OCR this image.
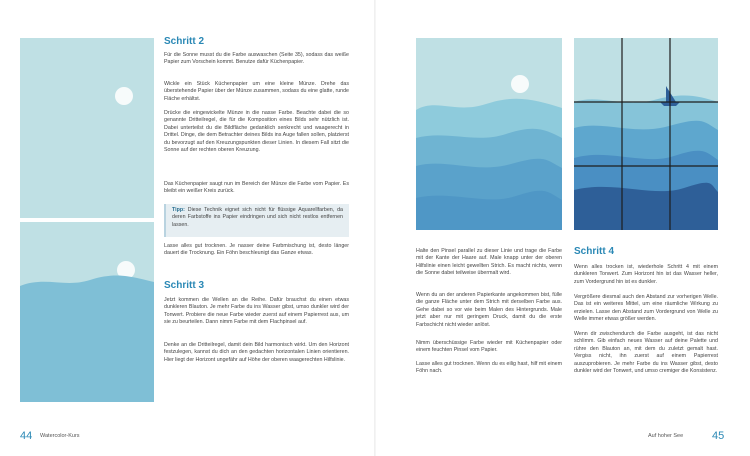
Schritt 2

Für die Sonne musst du die Farbe auswaschen (Seite 35), sodass das weiße Papier zum Vorschein kommt. Benutze dafür Küchenpapier.

Wickle ein Stück Küchenpapier um eine kleine Münze. Drehe das überstehende Papier über der Münze zusammen, sodass du eine glatte, runde Fläche erhältst.

Drücke die eingewickelte Münze in die nasse Farbe. Beachte dabei die so genannte Dritteilregel, die für die Komposition eines Bilds sehr nützlich ist. Dabei unterteilst du die Bildfläche gedanklich senkrecht und waagerecht in Drittel. Dinge, die dem Betrachter deines Bilds ins Auge fallen sollen, platzierst du bevorzugt auf den Kreuzungspunkten dieser Linien. In diesem Fall sitzt die Sonne auf der rechten oberen Kreuzung.

Das Küchenpapier saugt nun im Bereich der Münze die Farbe vom Papier. Es bleibt ein weißer Kreis zurück.

Tipp: Diese Technik eignet sich nicht für flüssige Aquarellfarben, da deren Farbstoffe ins Papier eindringen und sich nicht restlos entfernen lassen.

Lasse alles gut trocknen. Je nasser deine Farbmischung ist, desto länger dauert die Trocknung. Ein Föhn beschleunigt das Ganze etwas.

Schritt 3

Jetzt kommen die Wellen an die Reihe. Dafür brauchst du einen etwas dunkleren Blauton. Je mehr Farbe du ins Wasser gibst, umso dunkler wird der Tonwert. Probiere die neue Farbe wieder zuerst auf einem Papierrest aus, um sie zu beurteilen. Dann nimm Farbe mit dem Flachpinsel auf.

Denke an die Dritteilregel, damit dein Bild harmonisch wirkt. Um den Horizont festzulegen, kannst du dich an den gedachten horizontalen Linien orientieren. Hier liegt der Horizont ungefähr auf Höhe der oberen waagerechten Hilfslinie.

44 Watercolor-Kurs

Halte den Pinsel parallel zu dieser Linie und trage die Farbe mit der Kante der Haare auf. Male knapp unter der oberen Hilfslinie einen leicht gewellten Strich. Es macht nichts, wenn die Sonne dabei teilweise übermalt wird.

Wenn du an der anderen Papierkante angekommen bist, fülle die ganze Fläche unter dem Strich mit derselben Farbe aus. Gehe dabei so vor wie beim Malen des Hintergrunds. Male jetzt aber nur mit geringem Druck, damit du die erste Farbschicht nicht wieder anlöst.

Nimm überschüssige Farbe wieder mit Küchenpapier oder einem feuchten Pinsel vom Papier.

Lasse alles gut trocknen. Wenn du es eilig hast, hilf mit einem Föhn nach.

Schritt 4

Wenn alles trocken ist, wiederhole Schritt 4 mit einem dunkleren Tonwert. Zum Horizont hin ist das Wasser heller, zum Vordergrund hin ist es dunkler.

Vergrößere diesmal auch den Abstand zur vorherigen Welle. Das ist ein weiteres Mittel, um eine räumliche Wirkung zu erzielen. Lasse den Abstand zum Vordergrund von Welle zu Welle immer etwas größer werden.

Wenn dir zwischendurch die Farbe ausgeht, ist das nicht schlimm. Gib einfach neues Wasser auf deine Palette und rühre den Blauton an, mit dem du zuletzt gemalt hast. Vergiss nicht, ihn zuerst auf einem Papierrest auszuprobieren. Je mehr Farbe du ins Wasser gibst, desto dunkler wird der Tonwert, und umso cremiger die Konsistenz.

Auf hoher See	45
